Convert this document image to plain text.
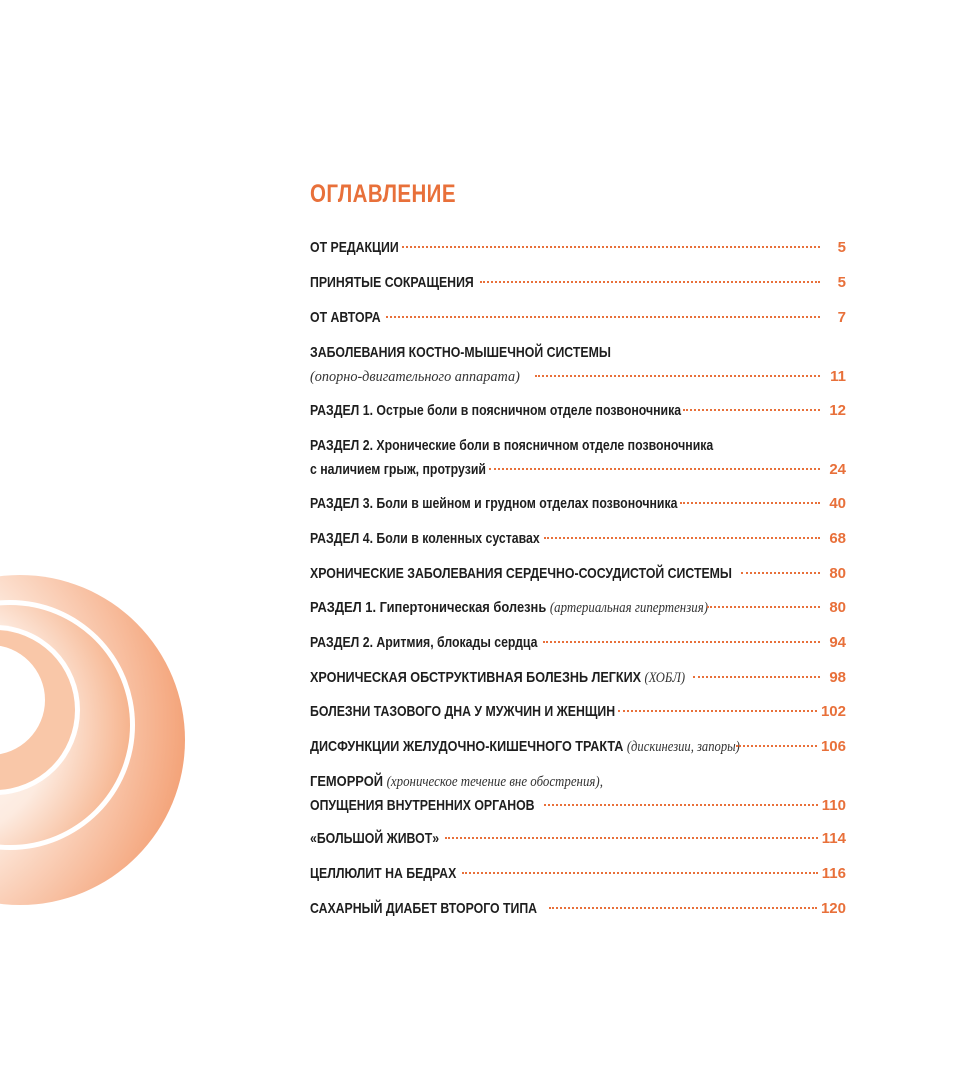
ОГЛАВЛЕНИЕ
ОТ РЕДАКЦИИ	5
ПРИНЯТЫЕ СОКРАЩЕНИЯ	5
ОТ АВТОРА	7
ЗАБОЛЕВАНИЯ КОСТНО-МЫШЕЧНОЙ СИСТЕМЫ
(опорно-двигательного аппарата)	11
РАЗДЕЛ 1. Острые боли в поясничном отделе позвоночника	12
РАЗДЕЛ 2. Хронические боли в поясничном отделе позвоночника
с наличием грыж, протрузий	24
РАЗДЕЛ 3. Боли в шейном и грудном отделах позвоночника	40
РАЗДЕЛ 4. Боли в коленных суставах	68
ХРОНИЧЕСКИЕ ЗАБОЛЕВАНИЯ СЕРДЕЧНО-СОСУДИСТОЙ СИСТЕМЫ	80
РАЗДЕЛ 1. Гипертоническая болезнь
(артериальная гипертензия)	80
РАЗДЕЛ 2. Аритмия, блокады сердца	94
ХРОНИЧЕСКАЯ ОБСТРУКТИВНАЯ БОЛЕЗНЬ ЛЕГКИХ
(ХОБЛ)	98
БОЛЕЗНИ ТАЗОВОГО ДНА У МУЖЧИН И ЖЕНЩИН	102
ДИСФУНКЦИИ ЖЕЛУДОЧНО-КИШЕЧНОГО ТРАКТА
(дискинезии, запоры)	106
ГЕМОРРОЙ
(хроническое течение вне обострения),
ОПУЩЕНИЯ ВНУТРЕННИХ ОРГАНОВ	110
«БОЛЬШОЙ ЖИВОТ»	114
ЦЕЛЛЮЛИТ НА БЕДРАХ	116
САХАРНЫЙ ДИАБЕТ ВТОРОГО ТИПА	120
